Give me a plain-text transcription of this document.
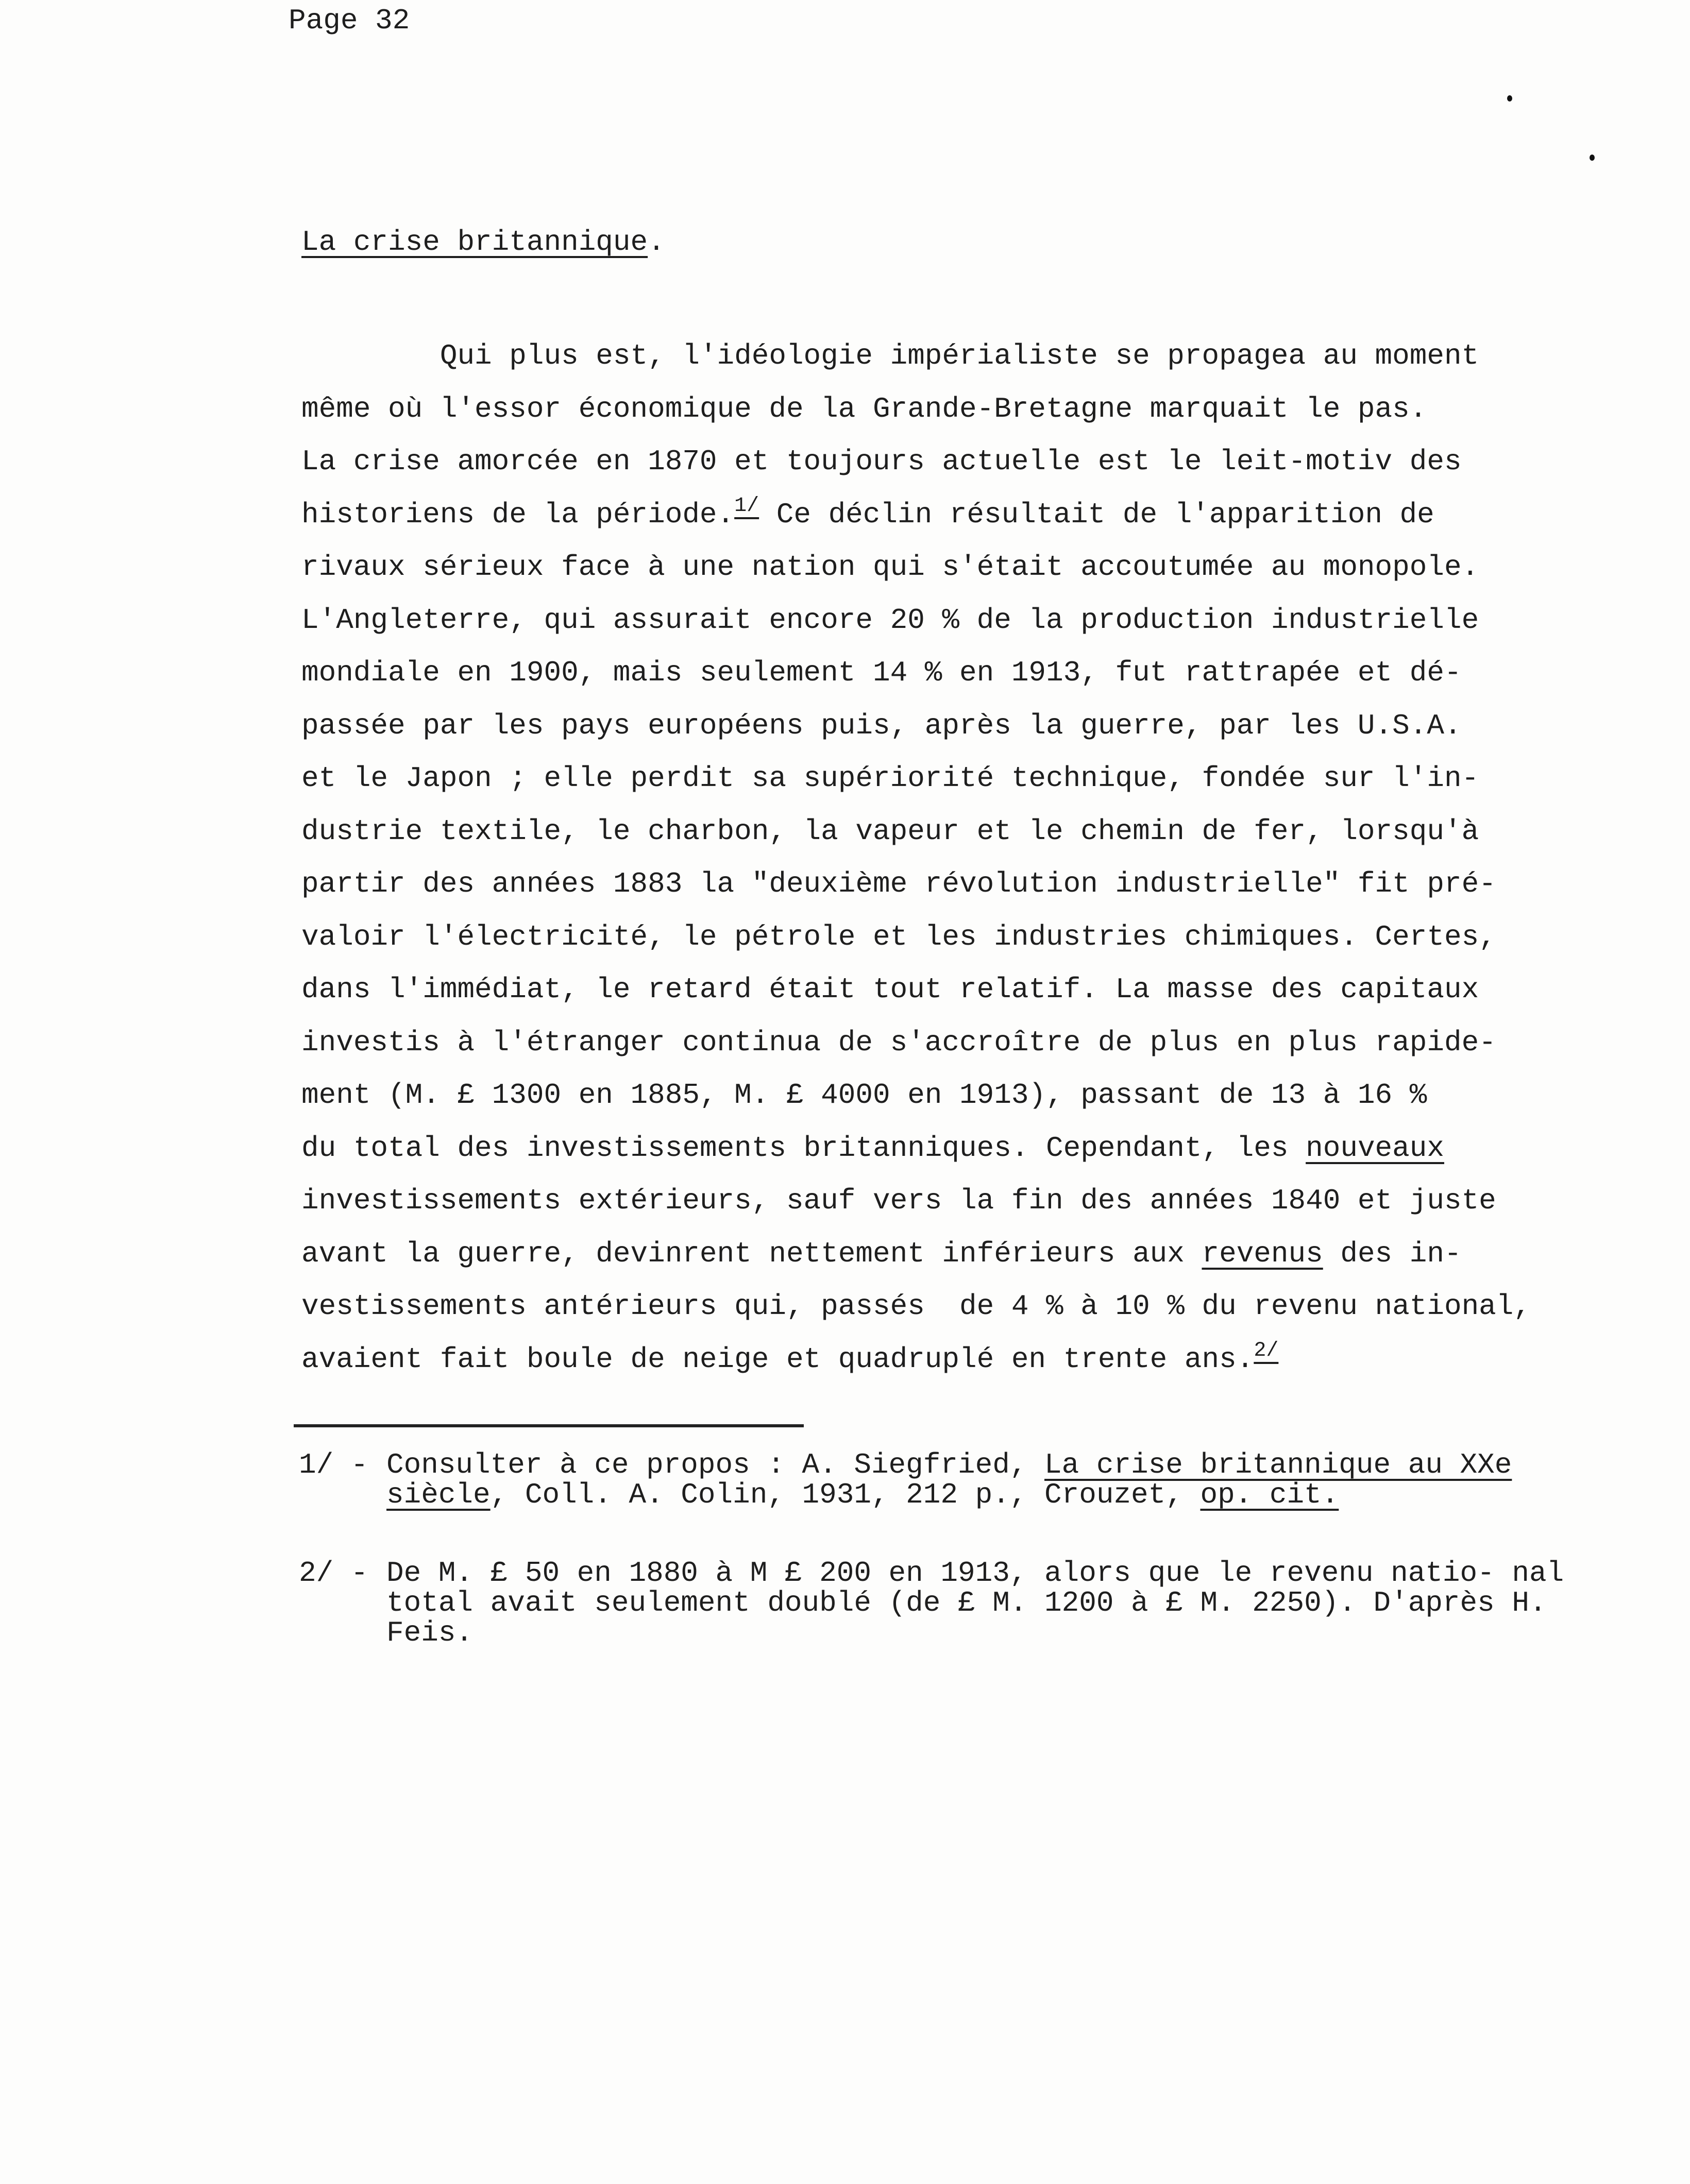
Page 32
La crise britannique.
Qui plus est, l'idéologie impérialiste se propagea au moment
même où l'essor économique de la Grande-Bretagne marquait le pas.
La crise amorcée en 1870 et toujours actuelle est le leit-motiv des
historiens de la période.$^{1/}$ Ce déclin résultait de l'apparition de
rivaux sérieux face à une nation qui s'était accoutumée au monopole.
L'Angleterre, qui assurait encore 20 % de la production industrielle
mondiale en 1900, mais seulement 14 % en 1913, fut rattrapée et dé-
passée par les pays européens puis, après la guerre, par les U.S.A.
et le Japon ; elle perdit sa supériorité technique, fondée sur l'in-
dustrie textile, le charbon, la vapeur et le chemin de fer, lorsqu'à
partir des années 1883 la "deuxième révolution industrielle" fit pré-
valoir l'électricité, le pétrole et les industries chimiques. Certes,
dans l'immédiat, le retard était tout relatif. La masse des capitaux
investis à l'étranger continua de s'accroître de plus en plus rapide-
ment (M. £ 1300 en 1885, M. £ 4000 en 1913), passant de 13 à 16 %
du total des investissements britanniques. Cependant, les nouveaux
investissements extérieurs, sauf vers la fin des années 1840 et juste
avant la guerre, devinrent nettement inférieurs aux revenus des in-
vestissements antérieurs qui, passés  de 4 % à 10 % du revenu national,
avaient fait boule de neige et quadruplé en trente ans.$^{2/}$
1/ - Consulter à ce propos : A. Siegfried, La crise britannique au XXe siècle, Coll. A. Colin, 1931, 212 p., Crouzet, op. cit.
2/ - De M. £ 50 en 1880 à M £ 200 en 1913, alors que le revenu natio- nal total avait seulement doublé (de £ M. 1200 à £ M. 2250). D'après H. Feis.
